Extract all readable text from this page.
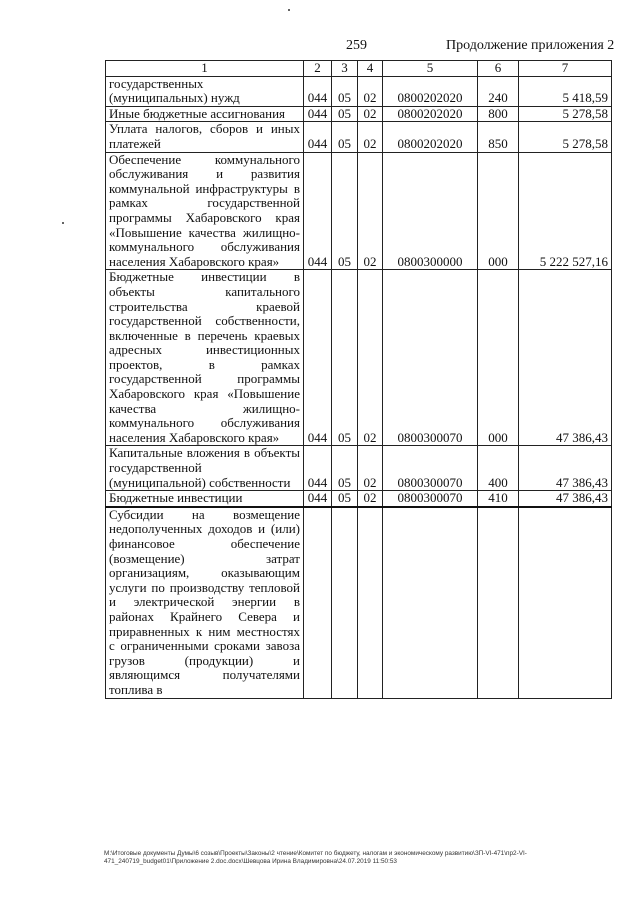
259	Продолжение приложения 2
1	2	3	4	5	6	7
государственных (муниципальных) нужд	044	05	02	0800202020	240	5 418,59
Иные бюджетные ассигнования	044	05	02	0800202020	800	5 278,58
Уплата налогов, сборов и иных платежей	044	05	02	0800202020	850	5 278,58
Обеспечение коммунального обслуживания и развития коммунальной инфраструктуры в рамках государственной программы Хабаровского края «Повышение качества жилищно-коммунального обслуживания населения Хабаровского края»	044	05	02	0800300000	000	5 222 527,16
Бюджетные инвестиции в объекты капитального строительства краевой государственной собственности, включенные в перечень краевых адресных инвестиционных проектов, в рамках государственной программы Хабаровского края «Повышение качества жилищно-коммунального обслуживания населения Хабаровского края»	044	05	02	0800300070	000	47 386,43
Капитальные вложения в объекты государственной (муниципальной) собственности	044	05	02	0800300070	400	47 386,43
Бюджетные инвестиции	044	05	02	0800300070	410	47 386,43
Субсидии на возмещение недополученных доходов и (или) финансовое обеспечение (возмещение) затрат организациям, оказывающим услуги по производству тепловой и электрической энергии в районах Крайнего Севера и приравненных к ним местностях с ограниченными сроками завоза грузов (продукции) и являющимся получателями топлива в						
М:\Итоговые документы Думы\6 созыв\Проекты\Законы\2 чтение\Комитет по бюджету, налогам и экономическому развитию\ЗП-VI-471\пр2-VI-
471_240719_budget01\Приложение 2.doc.docx\Шевцова Ирина Владимировна\24.07.2019 11:50:53
